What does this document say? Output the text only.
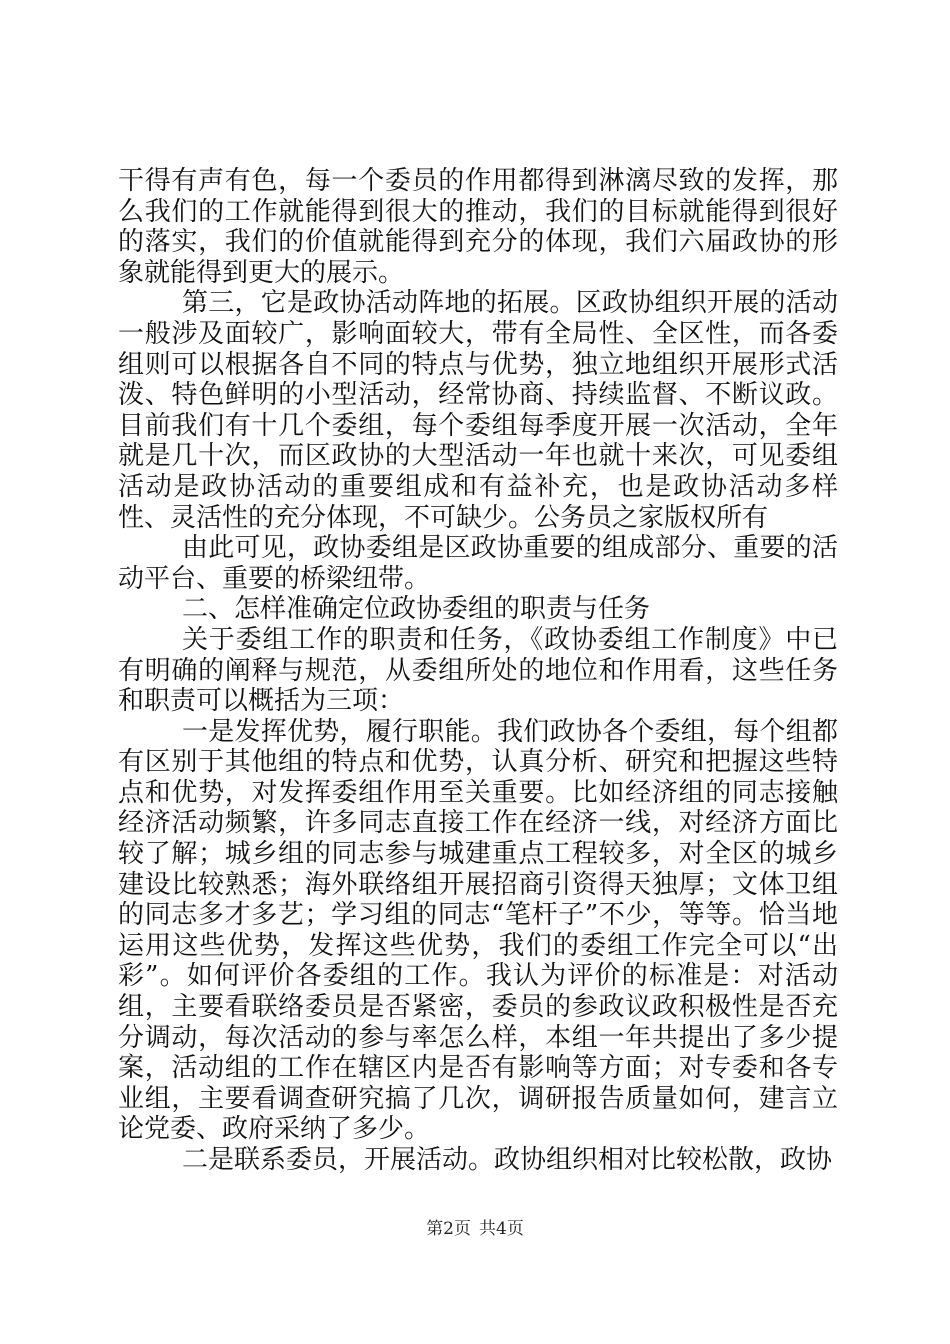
干得有声有色，每一个委员的作用都得到淋漓尽致的发挥，那么我们的工作就能得到很大的推动，我们的目标就能得到很好的落实，我们的价值就能得到充分的体现，我们六届政协的形象就能得到更大的展示。

第三，它是政协活动阵地的拓展。区政协组织开展的活动一般涉及面较广，影响面较大，带有全局性、全区性，而各委组则可以根据各自不同的特点与优势，独立地组织开展形式活泼、特色鲜明的小型活动，经常协商、持续监督、不断议政。目前我们有十几个委组，每个委组每季度开展一次活动，全年就是几十次，而区政协的大型活动一年也就十来次，可见委组活动是政协活动的重要组成和有益补充，也是政协活动多样性、灵活性的充分体现，不可缺少。公务员之家版权所有

由此可见，政协委组是区政协重要的组成部分、重要的活动平台、重要的桥梁纽带。

二、怎样准确定位政协委组的职责与任务

关于委组工作的职责和任务，《政协委组工作制度》中已有明确的阐释与规范，从委组所处的地位和作用看，这些任务和职责可以概括为三项：

一是发挥优势，履行职能。我们政协各个委组，每个组都有区别于其他组的特点和优势，认真分析、研究和把握这些特点和优势，对发挥委组作用至关重要。比如经济组的同志接触经济活动频繁，许多同志直接工作在经济一线，对经济方面比较了解；城乡组的同志参与城建重点工程较多，对全区的城乡建设比较熟悉；海外联络组开展招商引资得天独厚；文体卫组的同志多才多艺；学习组的同志“笔杆子”不少，等等。恰当地运用这些优势，发挥这些优势，我们的委组工作完全可以“出彩”。如何评价各委组的工作。我认为评价的标准是：对活动组，主要看联络委员是否紧密，委员的参政议政积极性是否充分调动，每次活动的参与率怎么样，本组一年共提出了多少提案，活动组的工作在辖区内是否有影响等方面；对专委和各专业组，主要看调查研究搞了几次，调研报告质量如何，建言立论党委、政府采纳了多少。

二是联系委员，开展活动。政协组织相对比较松散，政协

第2页 共4页
